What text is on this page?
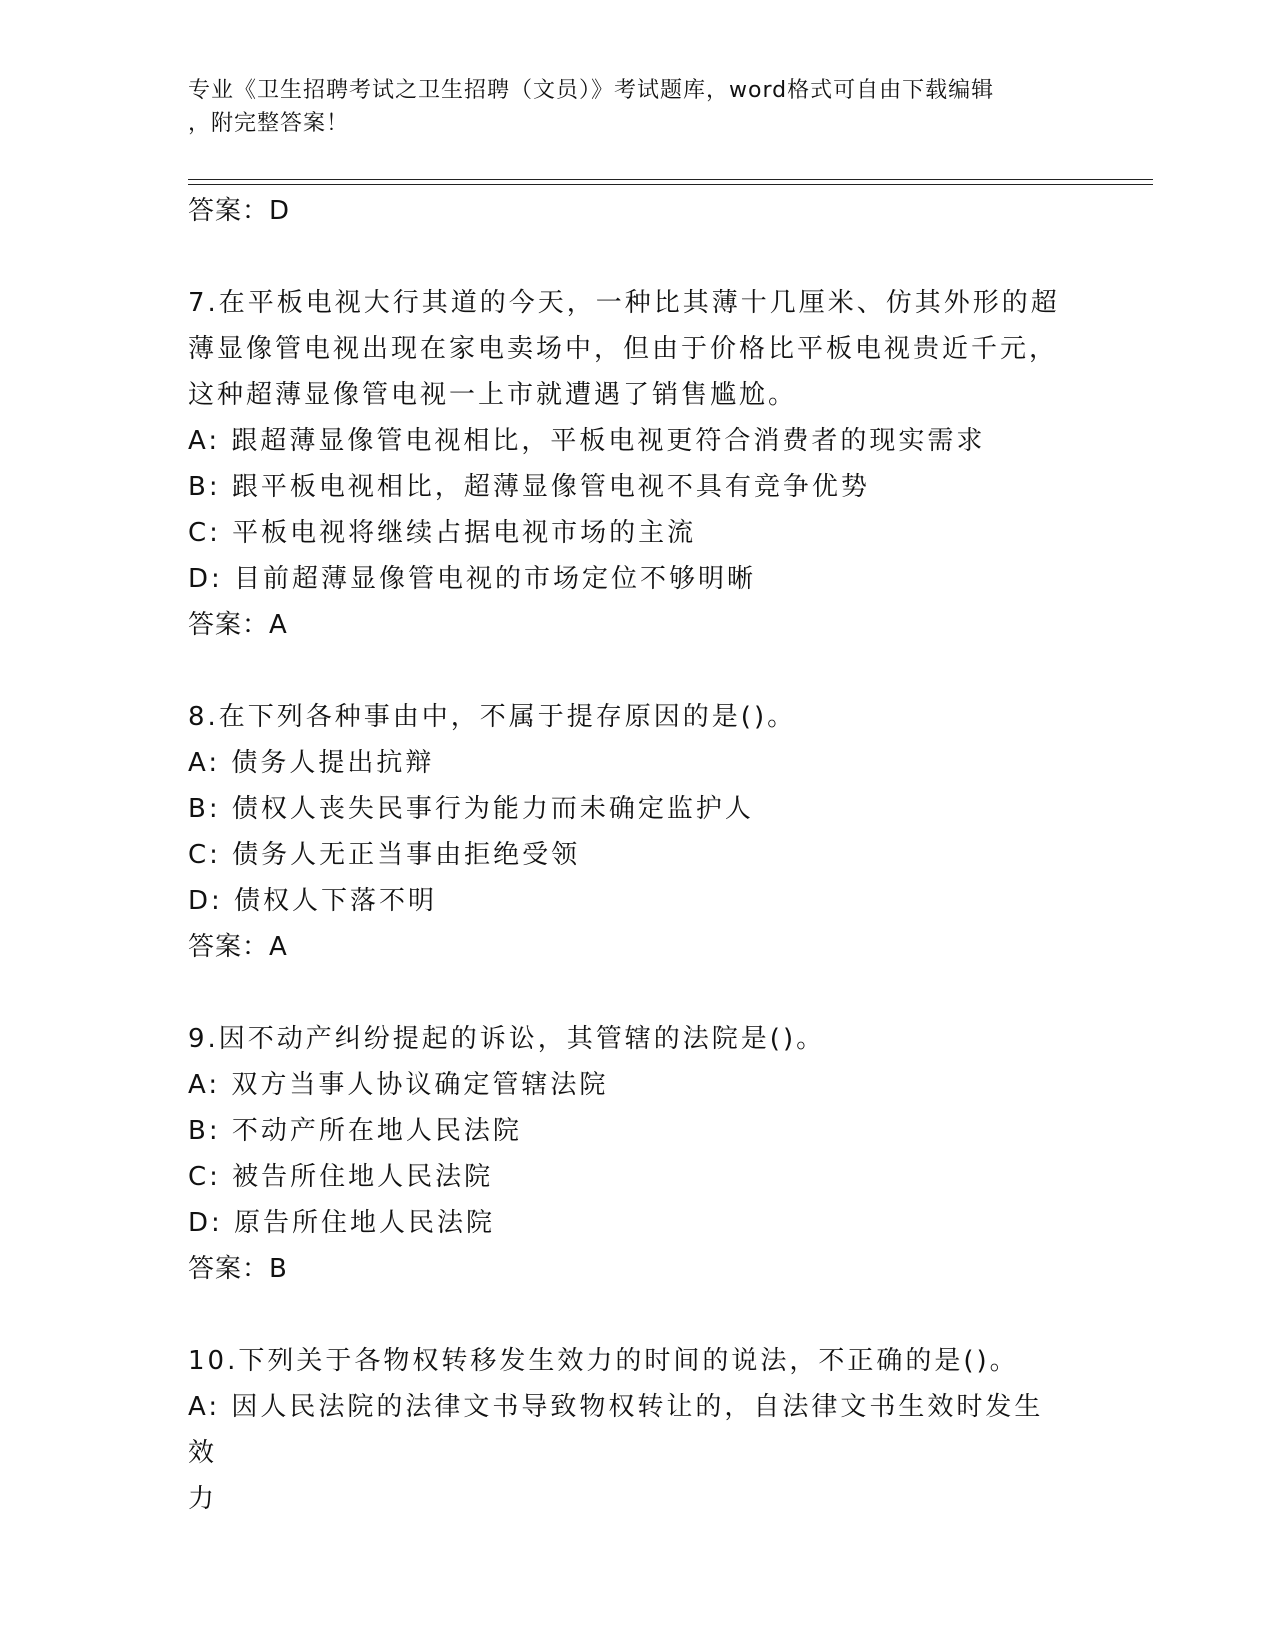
专业《卫生招聘考试之卫生招聘（文员）》考试题库，word格式可自由下载编辑
，附完整答案！
答案：D
7.在平板电视大行其道的今天，一种比其薄十几厘米、仿其外形的超
薄显像管电视出现在家电卖场中，但由于价格比平板电视贵近千元，
这种超薄显像管电视一上市就遭遇了销售尴尬。
A: 跟超薄显像管电视相比，平板电视更符合消费者的现实需求
B: 跟平板电视相比，超薄显像管电视不具有竞争优势
C: 平板电视将继续占据电视市场的主流
D: 目前超薄显像管电视的市场定位不够明晰
答案：A
8.在下列各种事由中，不属于提存原因的是()。
A: 债务人提出抗辩
B: 债权人丧失民事行为能力而未确定监护人
C: 债务人无正当事由拒绝受领
D: 债权人下落不明
答案：A
9.因不动产纠纷提起的诉讼，其管辖的法院是()。
A: 双方当事人协议确定管辖法院
B: 不动产所在地人民法院
C: 被告所住地人民法院
D: 原告所住地人民法院
答案：B
10.下列关于各物权转移发生效力的时间的说法，不正确的是()。
A: 因人民法院的法律文书导致物权转让的，自法律文书生效时发生效
力
